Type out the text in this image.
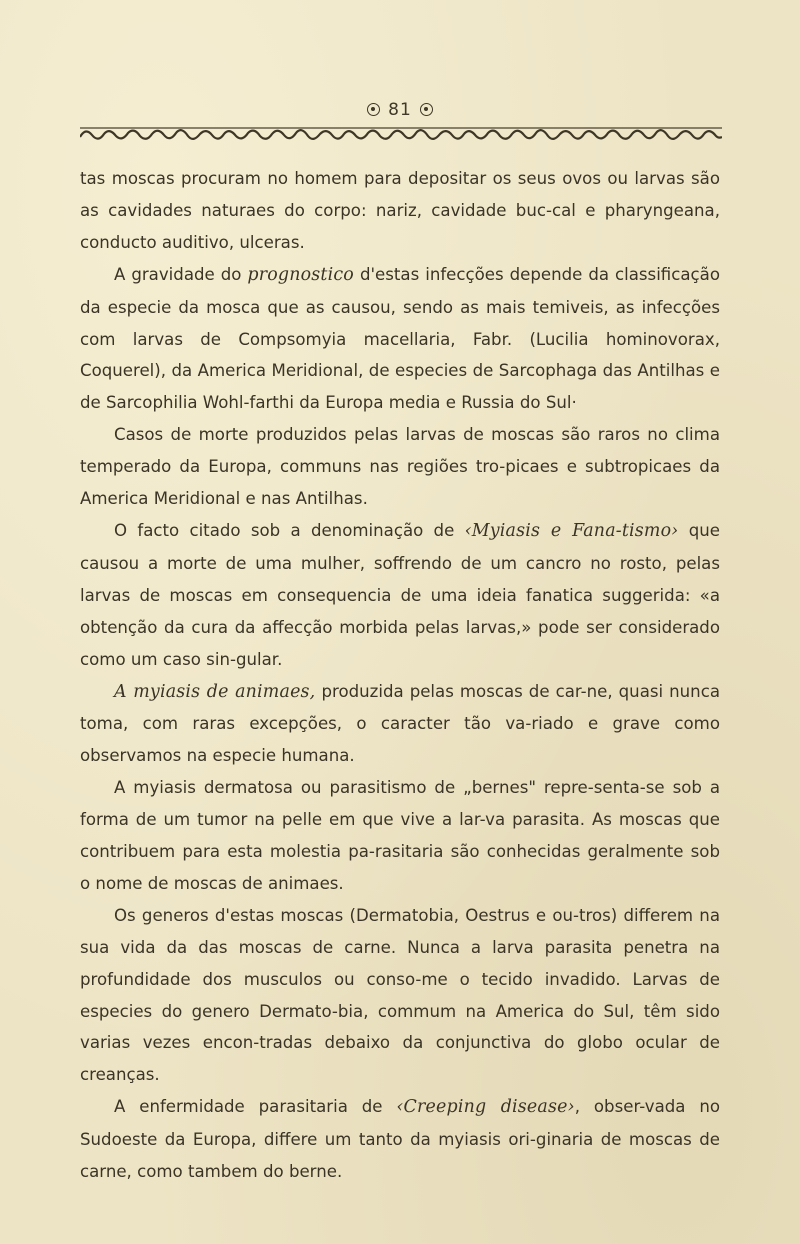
81

tas moscas procuram no homem para depositar os seus ovos ou larvas são as cavidades naturaes do corpo: nariz, cavidade buc-cal e pharyngeana, conducto auditivo, ulceras.

A gravidade do prognostico d'estas infecções depende da classificação da especie da mosca que as causou, sendo as mais temiveis, as infecções com larvas de Compsomyia macellaria, Fabr. (Lucilia hominovorax, Coquerel), da America Meridional, de especies de Sarcophaga das Antilhas e de Sarcophilia Wohl-farthi da Europa media e Russia do Sul·

Casos de morte produzidos pelas larvas de moscas são raros no clima temperado da Europa, communs nas regiões tro-picaes e subtropicaes da America Meridional e nas Antilhas.

O facto citado sob a denominação de ‹Myiasis e Fana-tismo› que causou a morte de uma mulher, soffrendo de um cancro no rosto, pelas larvas de moscas em consequencia de uma ideia fanatica suggerida: «a obtenção da cura da affecção morbida pelas larvas,» pode ser considerado como um caso sin-gular.

A myiasis de animaes, produzida pelas moscas de car-ne, quasi nunca toma, com raras excepções, o caracter tão va-riado e grave como observamos na especie humana.

A myiasis dermatosa ou parasitismo de „bernes" repre-senta-se sob a forma de um tumor na pelle em que vive a lar-va parasita. As moscas que contribuem para esta molestia pa-rasitaria são conhecidas geralmente sob o nome de moscas de animaes.

Os generos d'estas moscas (Dermatobia, Oestrus e ou-tros) differem na sua vida da das moscas de carne. Nunca a larva parasita penetra na profundidade dos musculos ou conso-me o tecido invadido. Larvas de especies do genero Dermato-bia, commum na America do Sul, têm sido varias vezes encon-tradas debaixo da conjunctiva do globo ocular de creanças.

A enfermidade parasitaria de ‹Creeping disease›, obser-vada no Sudoeste da Europa, differe um tanto da myiasis ori-ginaria de moscas de carne, como tambem do berne.
